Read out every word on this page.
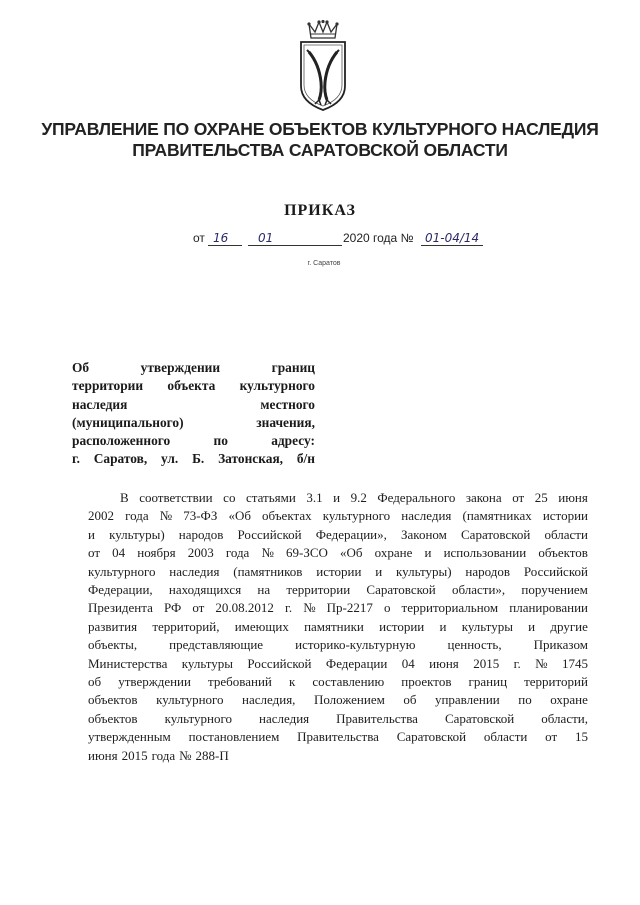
УПРАВЛЕНИЕ ПО ОХРАНЕ ОБЪЕКТОВ КУЛЬТУРНОГО НАСЛЕДИЯ
ПРАВИТЕЛЬСТВА САРАТОВСКОЙ ОБЛАСТИ
ПРИКАЗ
от 16 01	2020 года № 01-04/14
г. Саратов
Об	утверждении	границ
территории объекта культурного
наследия	местного
(муниципального)	значения,
расположенного	по	адресу:
г. Саратов, ул. Б. Затонская, б/н
В соответствии со статьями 3.1 и 9.2 Федерального закона от 25 июня
2002 года № 73-ФЗ «Об объектах культурного наследия (памятниках истории
и культуры) народов Российской Федерации», Законом Саратовской области
от 04 ноября 2003 года № 69-ЗСО «Об охране и использовании объектов
культурного наследия (памятников истории и культуры) народов Российской
Федерации, находящихся на территории Саратовской области», поручением
Президента РФ от 20.08.2012 г. № Пр-2217 о территориальном планировании
развития территорий, имеющих памятники истории и культуры и другие
объекты, представляющие историко-культурную ценность, Приказом
Министерства культуры Российской Федерации 04 июня 2015 г. № 1745
об утверждении требований к составлению проектов границ территорий
объектов культурного наследия, Положением об управлении по охране
объектов культурного наследия Правительства Саратовской области,
утвержденным постановлением Правительства Саратовской области от 15
июня 2015 года № 288-П
